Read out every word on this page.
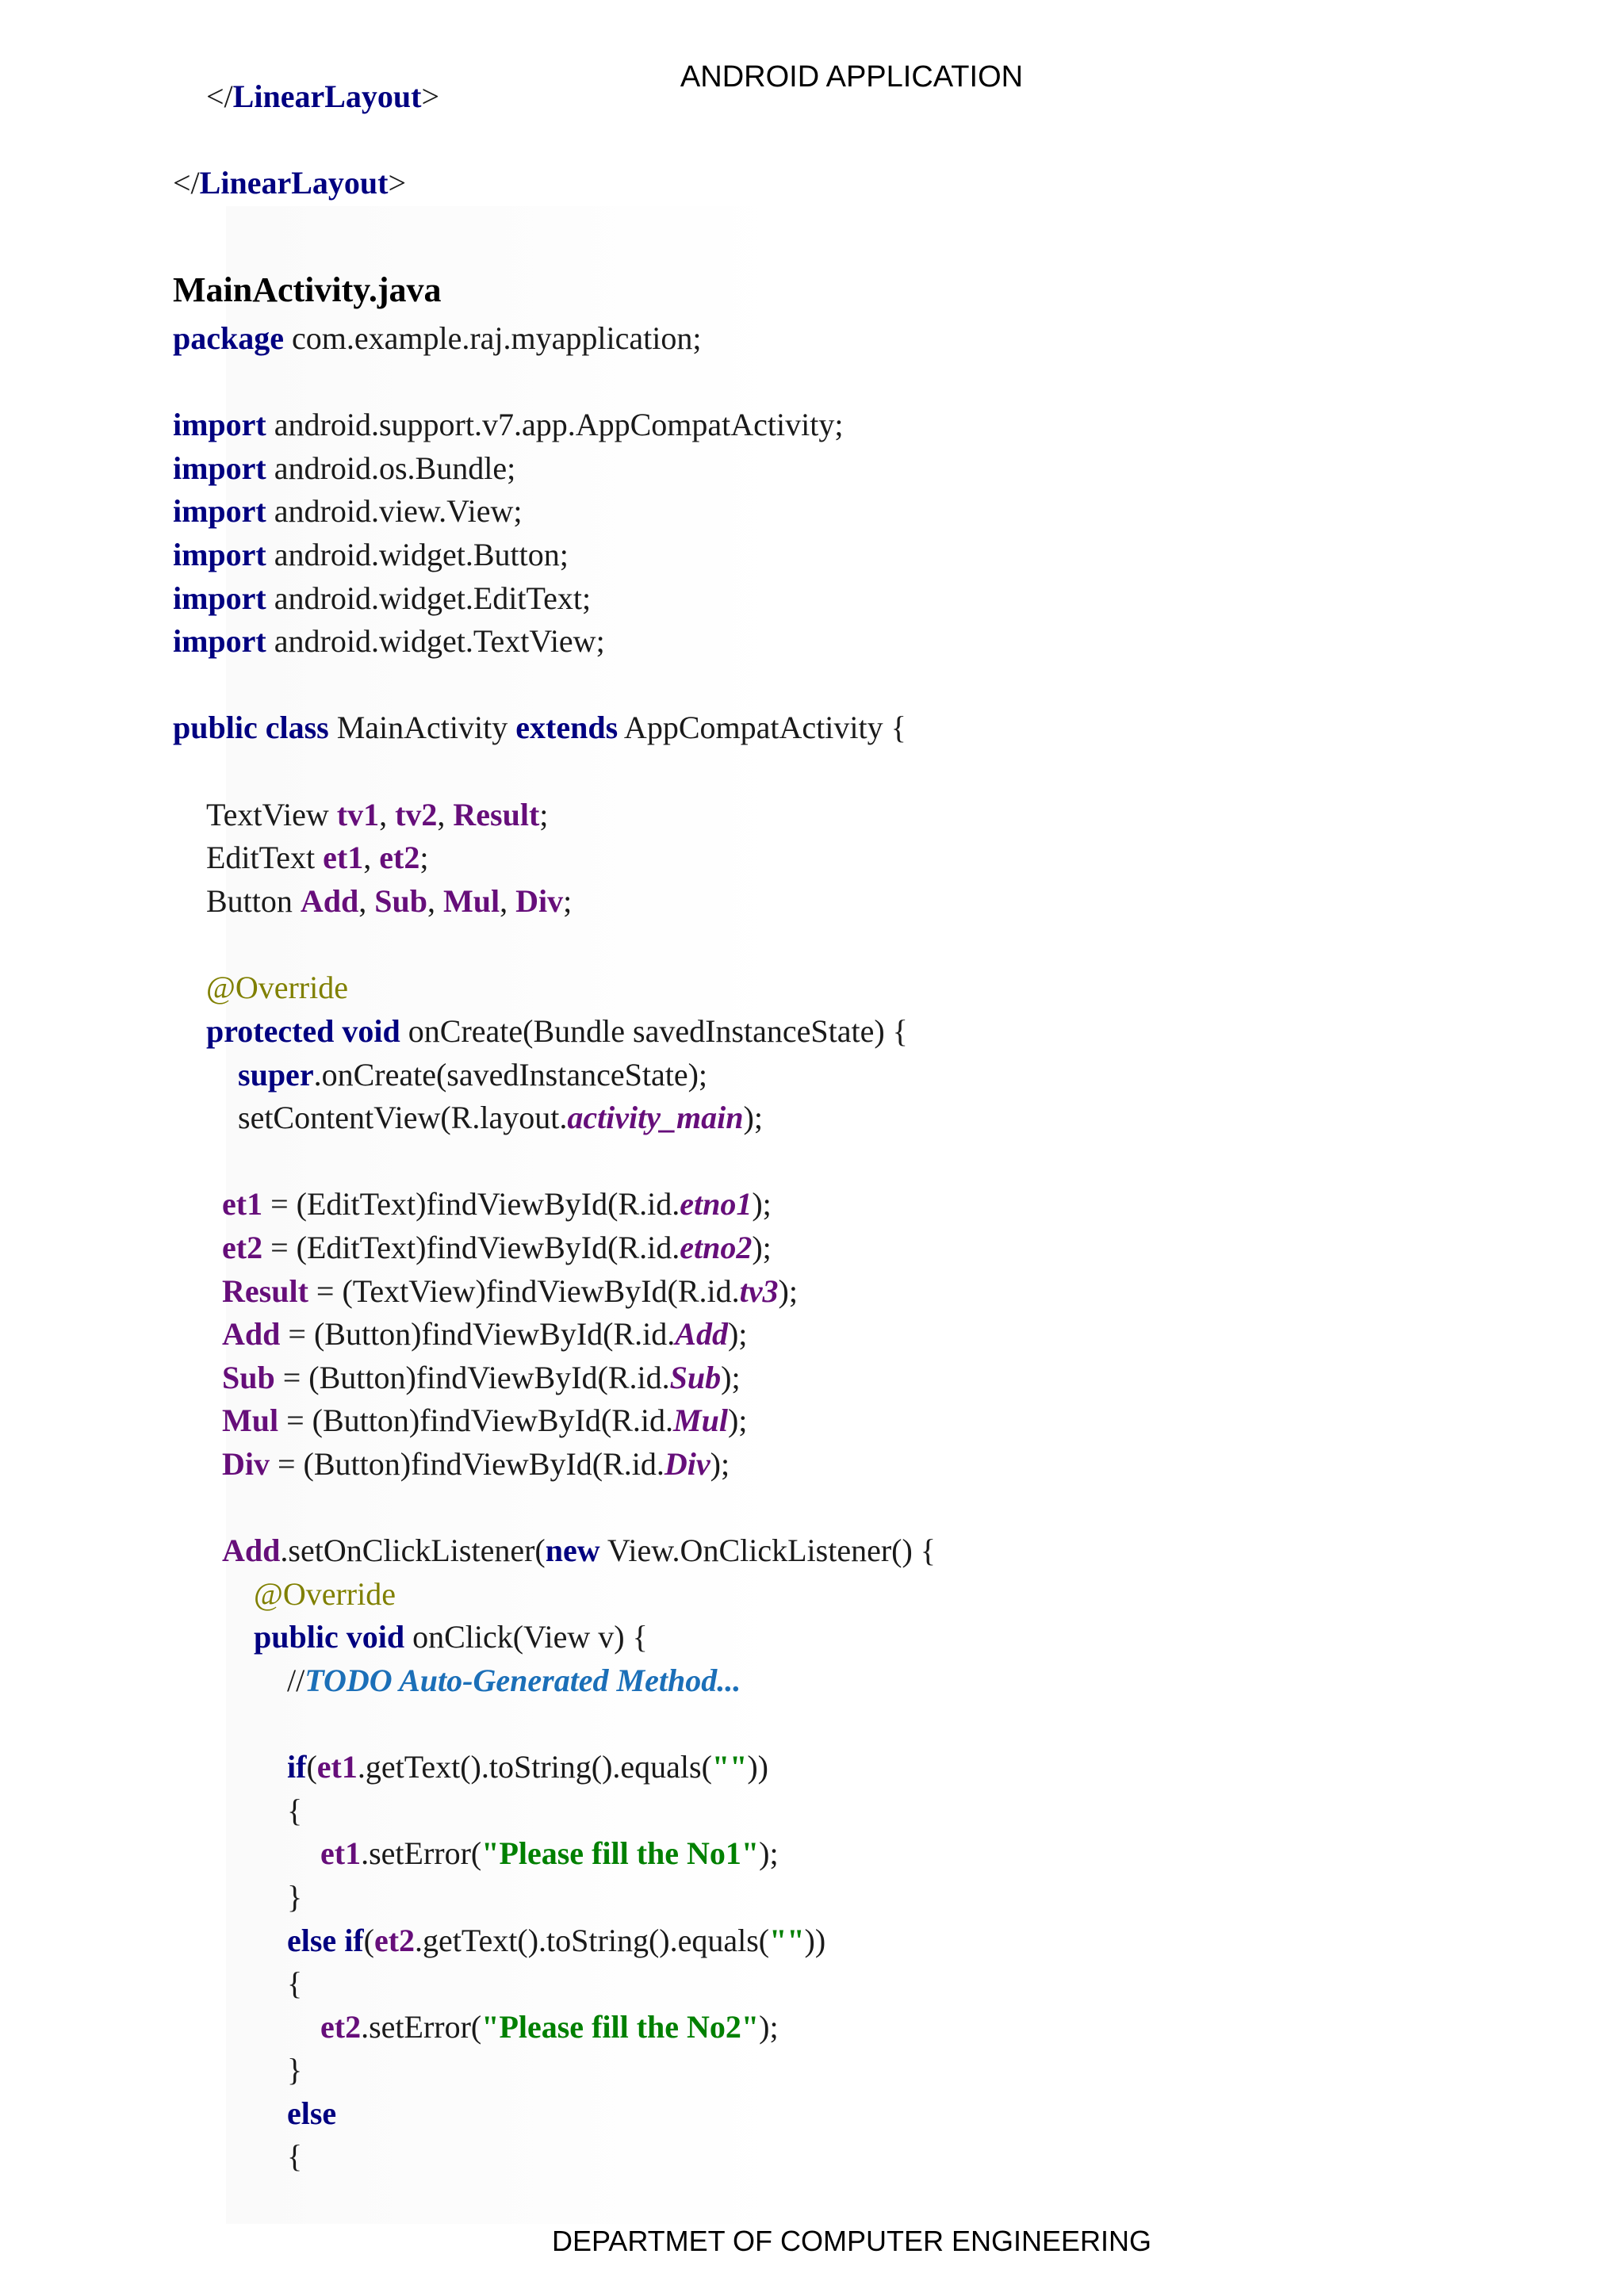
ANDROID APPLICATION
</LinearLayout>
</LinearLayout>
MainActivity.java
package com.example.raj.myapplication;
import android.support.v7.app.AppCompatActivity;
import android.os.Bundle;
import android.view.View;
import android.widget.Button;
import android.widget.EditText;
import android.widget.TextView;
public class MainActivity extends AppCompatActivity {
TextView tv1, tv2, Result;
EditText et1, et2;
Button Add, Sub, Mul, Div;
@Override
protected void onCreate(Bundle savedInstanceState) {
super.onCreate(savedInstanceState);
setContentView(R.layout.activity_main);
et1 = (EditText)findViewById(R.id.etno1);
et2 = (EditText)findViewById(R.id.etno2);
Result = (TextView)findViewById(R.id.tv3);
Add = (Button)findViewById(R.id.Add);
Sub = (Button)findViewById(R.id.Sub);
Mul = (Button)findViewById(R.id.Mul);
Div = (Button)findViewById(R.id.Div);
Add.setOnClickListener(new View.OnClickListener() {
@Override
public void onClick(View v) {
//TODO Auto-Generated Method...
if(et1.getText().toString().equals(""))
{
et1.setError("Please fill the No1");
}
else if(et2.getText().toString().equals(""))
{
et2.setError("Please fill the No2");
}
else
{
DEPARTMET OF COMPUTER ENGINEERING
